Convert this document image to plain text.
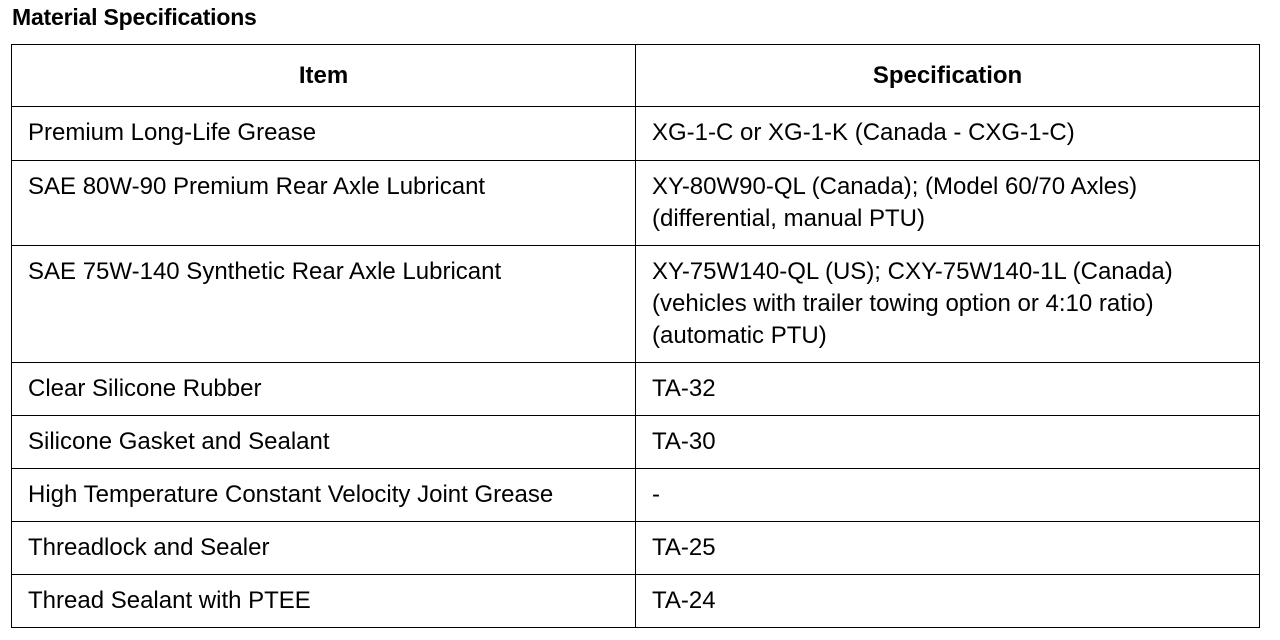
Material Specifications
Item	Specification
Premium Long-Life Grease	XG-1-C or XG-1-K (Canada - CXG-1-C)
SAE 80W-90 Premium Rear Axle Lubricant	XY-80W90-QL (Canada); (Model 60/70 Axles) (differential, manual PTU)
SAE 75W-140 Synthetic Rear Axle Lubricant	XY-75W140-QL (US); CXY-75W140-1L (Canada) (vehicles with trailer towing option or 4:10 ratio) (automatic PTU)
Clear Silicone Rubber	TA-32
Silicone Gasket and Sealant	TA-30
High Temperature Constant Velocity Joint Grease	-
Threadlock and Sealer	TA-25
Thread Sealant with PTEE	TA-24
